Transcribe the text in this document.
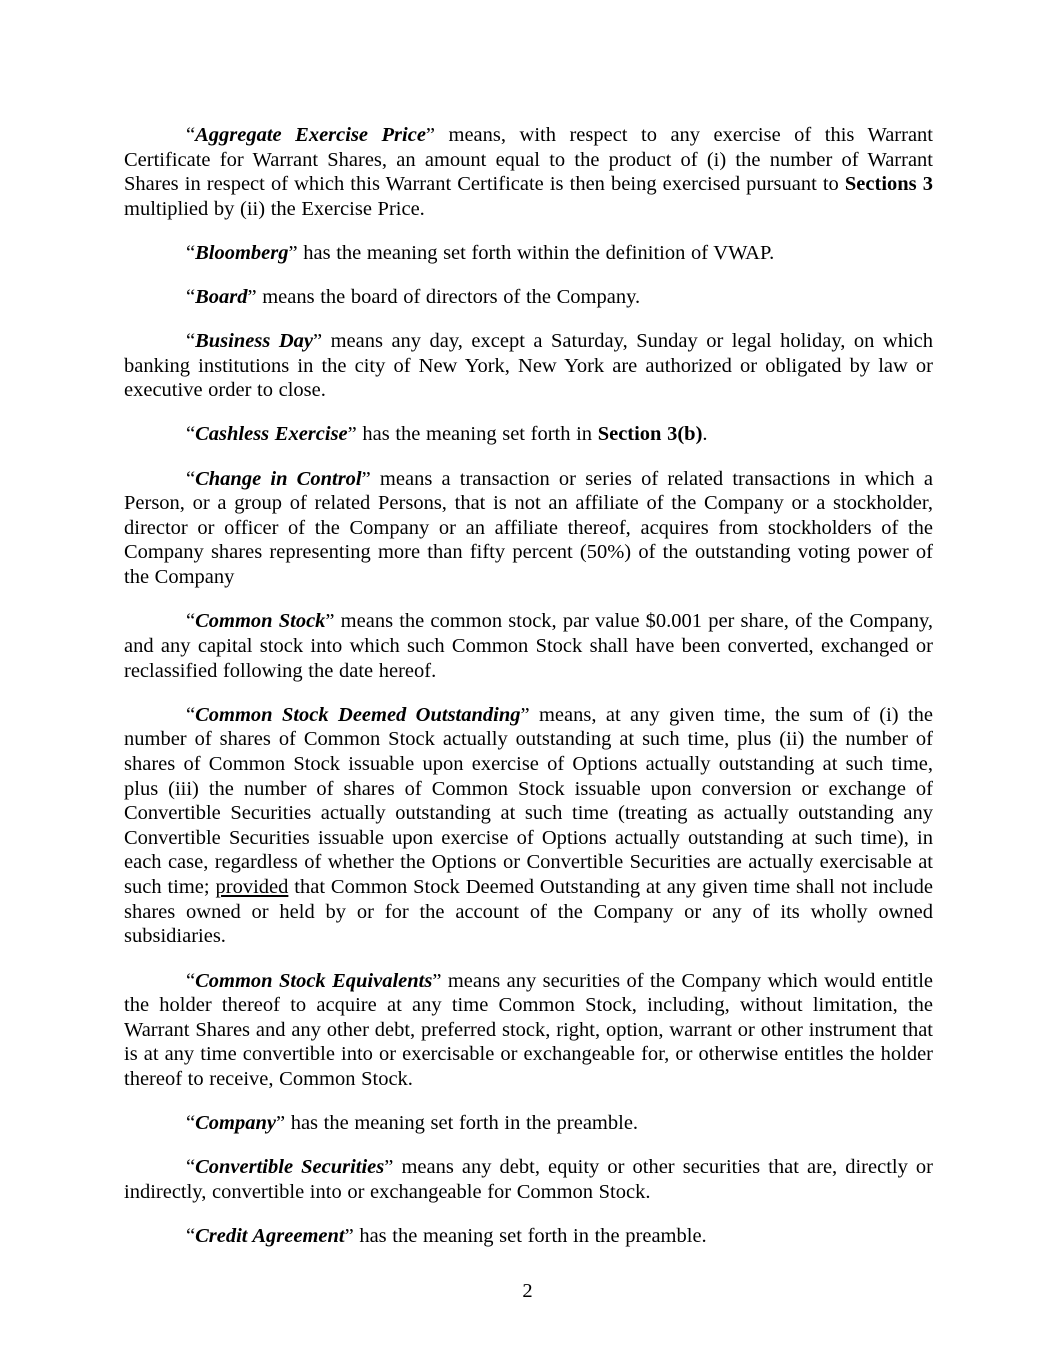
“Aggregate Exercise Price” means, with respect to any exercise of this Warrant Certificate for Warrant Shares, an amount equal to the product of (i) the number of Warrant Shares in respect of which this Warrant Certificate is then being exercised pursuant to Sections 3 multiplied by (ii) the Exercise Price.

“Bloomberg” has the meaning set forth within the definition of VWAP.

“Board” means the board of directors of the Company.

“Business Day” means any day, except a Saturday, Sunday or legal holiday, on which banking institutions in the city of New York, New York are authorized or obligated by law or executive order to close.

“Cashless Exercise” has the meaning set forth in Section 3(b).

“Change in Control” means a transaction or series of related transactions in which a Person, or a group of related Persons, that is not an affiliate of the Company or a stockholder, director or officer of the Company or an affiliate thereof, acquires from stockholders of the Company shares representing more than fifty percent (50%) of the outstanding voting power of the Company

“Common Stock” means the common stock, par value $0.001 per share, of the Company, and any capital stock into which such Common Stock shall have been converted, exchanged or reclassified following the date hereof.

“Common Stock Deemed Outstanding” means, at any given time, the sum of (i) the number of shares of Common Stock actually outstanding at such time, plus (ii) the number of shares of Common Stock issuable upon exercise of Options actually outstanding at such time, plus (iii) the number of shares of Common Stock issuable upon conversion or exchange of Convertible Securities actually outstanding at such time (treating as actually outstanding any Convertible Securities issuable upon exercise of Options actually outstanding at such time), in each case, regardless of whether the Options or Convertible Securities are actually exercisable at such time; provided that Common Stock Deemed Outstanding at any given time shall not include shares owned or held by or for the account of the Company or any of its wholly owned subsidiaries.

“Common Stock Equivalents” means any securities of the Company which would entitle the holder thereof to acquire at any time Common Stock, including, without limitation, the Warrant Shares and any other debt, preferred stock, right, option, warrant or other instrument that is at any time convertible into or exercisable or exchangeable for, or otherwise entitles the holder thereof to receive, Common Stock.

“Company” has the meaning set forth in the preamble.

“Convertible Securities” means any debt, equity or other securities that are, directly or indirectly, convertible into or exchangeable for Common Stock.

“Credit Agreement” has the meaning set forth in the preamble.

2
